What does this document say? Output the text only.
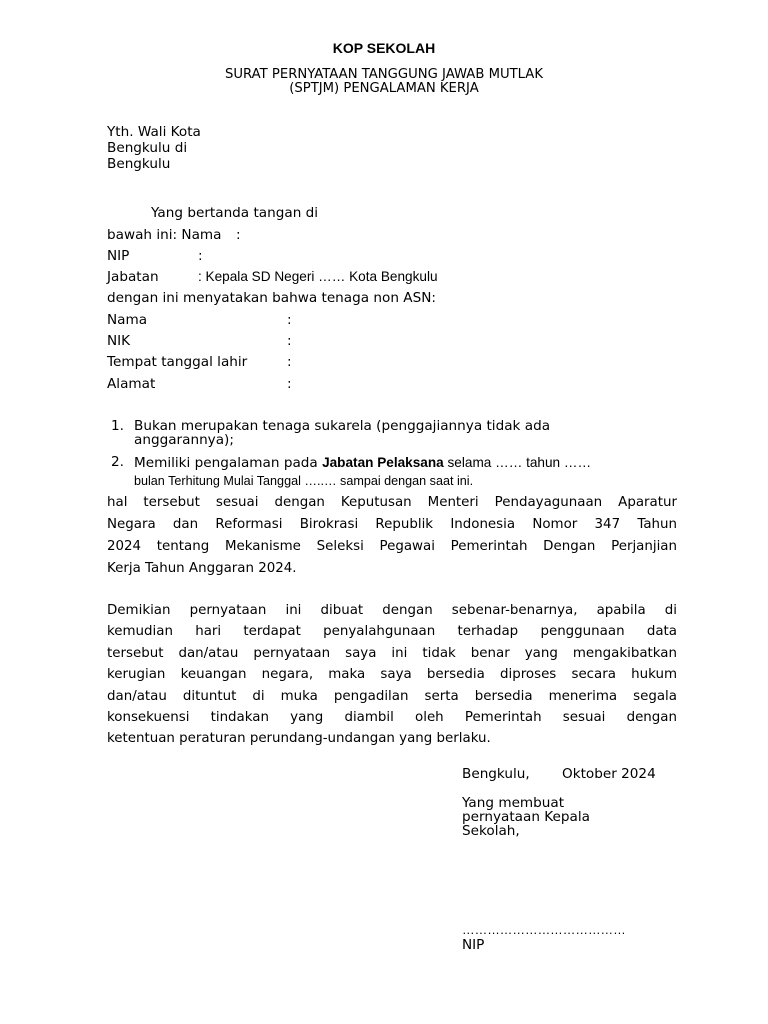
KOP SEKOLAH
SURAT PERNYATAAN TANGGUNG JAWAB MUTLAK
(SPTJM) PENGALAMAN KERJA
Yth. Wali Kota
Bengkulu di
Bengkulu
Yang bertanda tangan di
bawah ini: Nama :
NIP	:
Jabatan	: Kepala SD Negeri …… Kota Bengkulu
dengan ini menyatakan bahwa tenaga non ASN:
Nama	:
NIK	:
Tempat tanggal lahir	:
Alamat	:
1. Bukan merupakan tenaga sukarela (penggajiannya tidak ada
anggarannya);
2. Memiliki pengalaman pada Jabatan Pelaksana selama …… tahun ……
bulan Terhitung Mulai Tanggal …..… sampai dengan saat ini.
hal tersebut sesuai dengan Keputusan Menteri Pendayagunaan Aparatur
Negara dan Reformasi Birokrasi Republik Indonesia Nomor 347 Tahun
2024 tentang Mekanisme Seleksi Pegawai Pemerintah Dengan Perjanjian
Kerja Tahun Anggaran 2024.
Demikian pernyataan ini dibuat dengan sebenar-benarnya, apabila di
kemudian hari terdapat penyalahgunaan terhadap penggunaan data
tersebut dan/atau pernyataan saya ini tidak benar yang mengakibatkan
kerugian keuangan negara, maka saya bersedia diproses secara hukum
dan/atau dituntut di muka pengadilan serta bersedia menerima segala
konsekuensi tindakan yang diambil oleh Pemerintah sesuai dengan
ketentuan peraturan perundang-undangan yang berlaku.
Bengkulu, Oktober 2024
Yang membuat
pernyataan Kepala
Sekolah,
…………………………………
NIP
